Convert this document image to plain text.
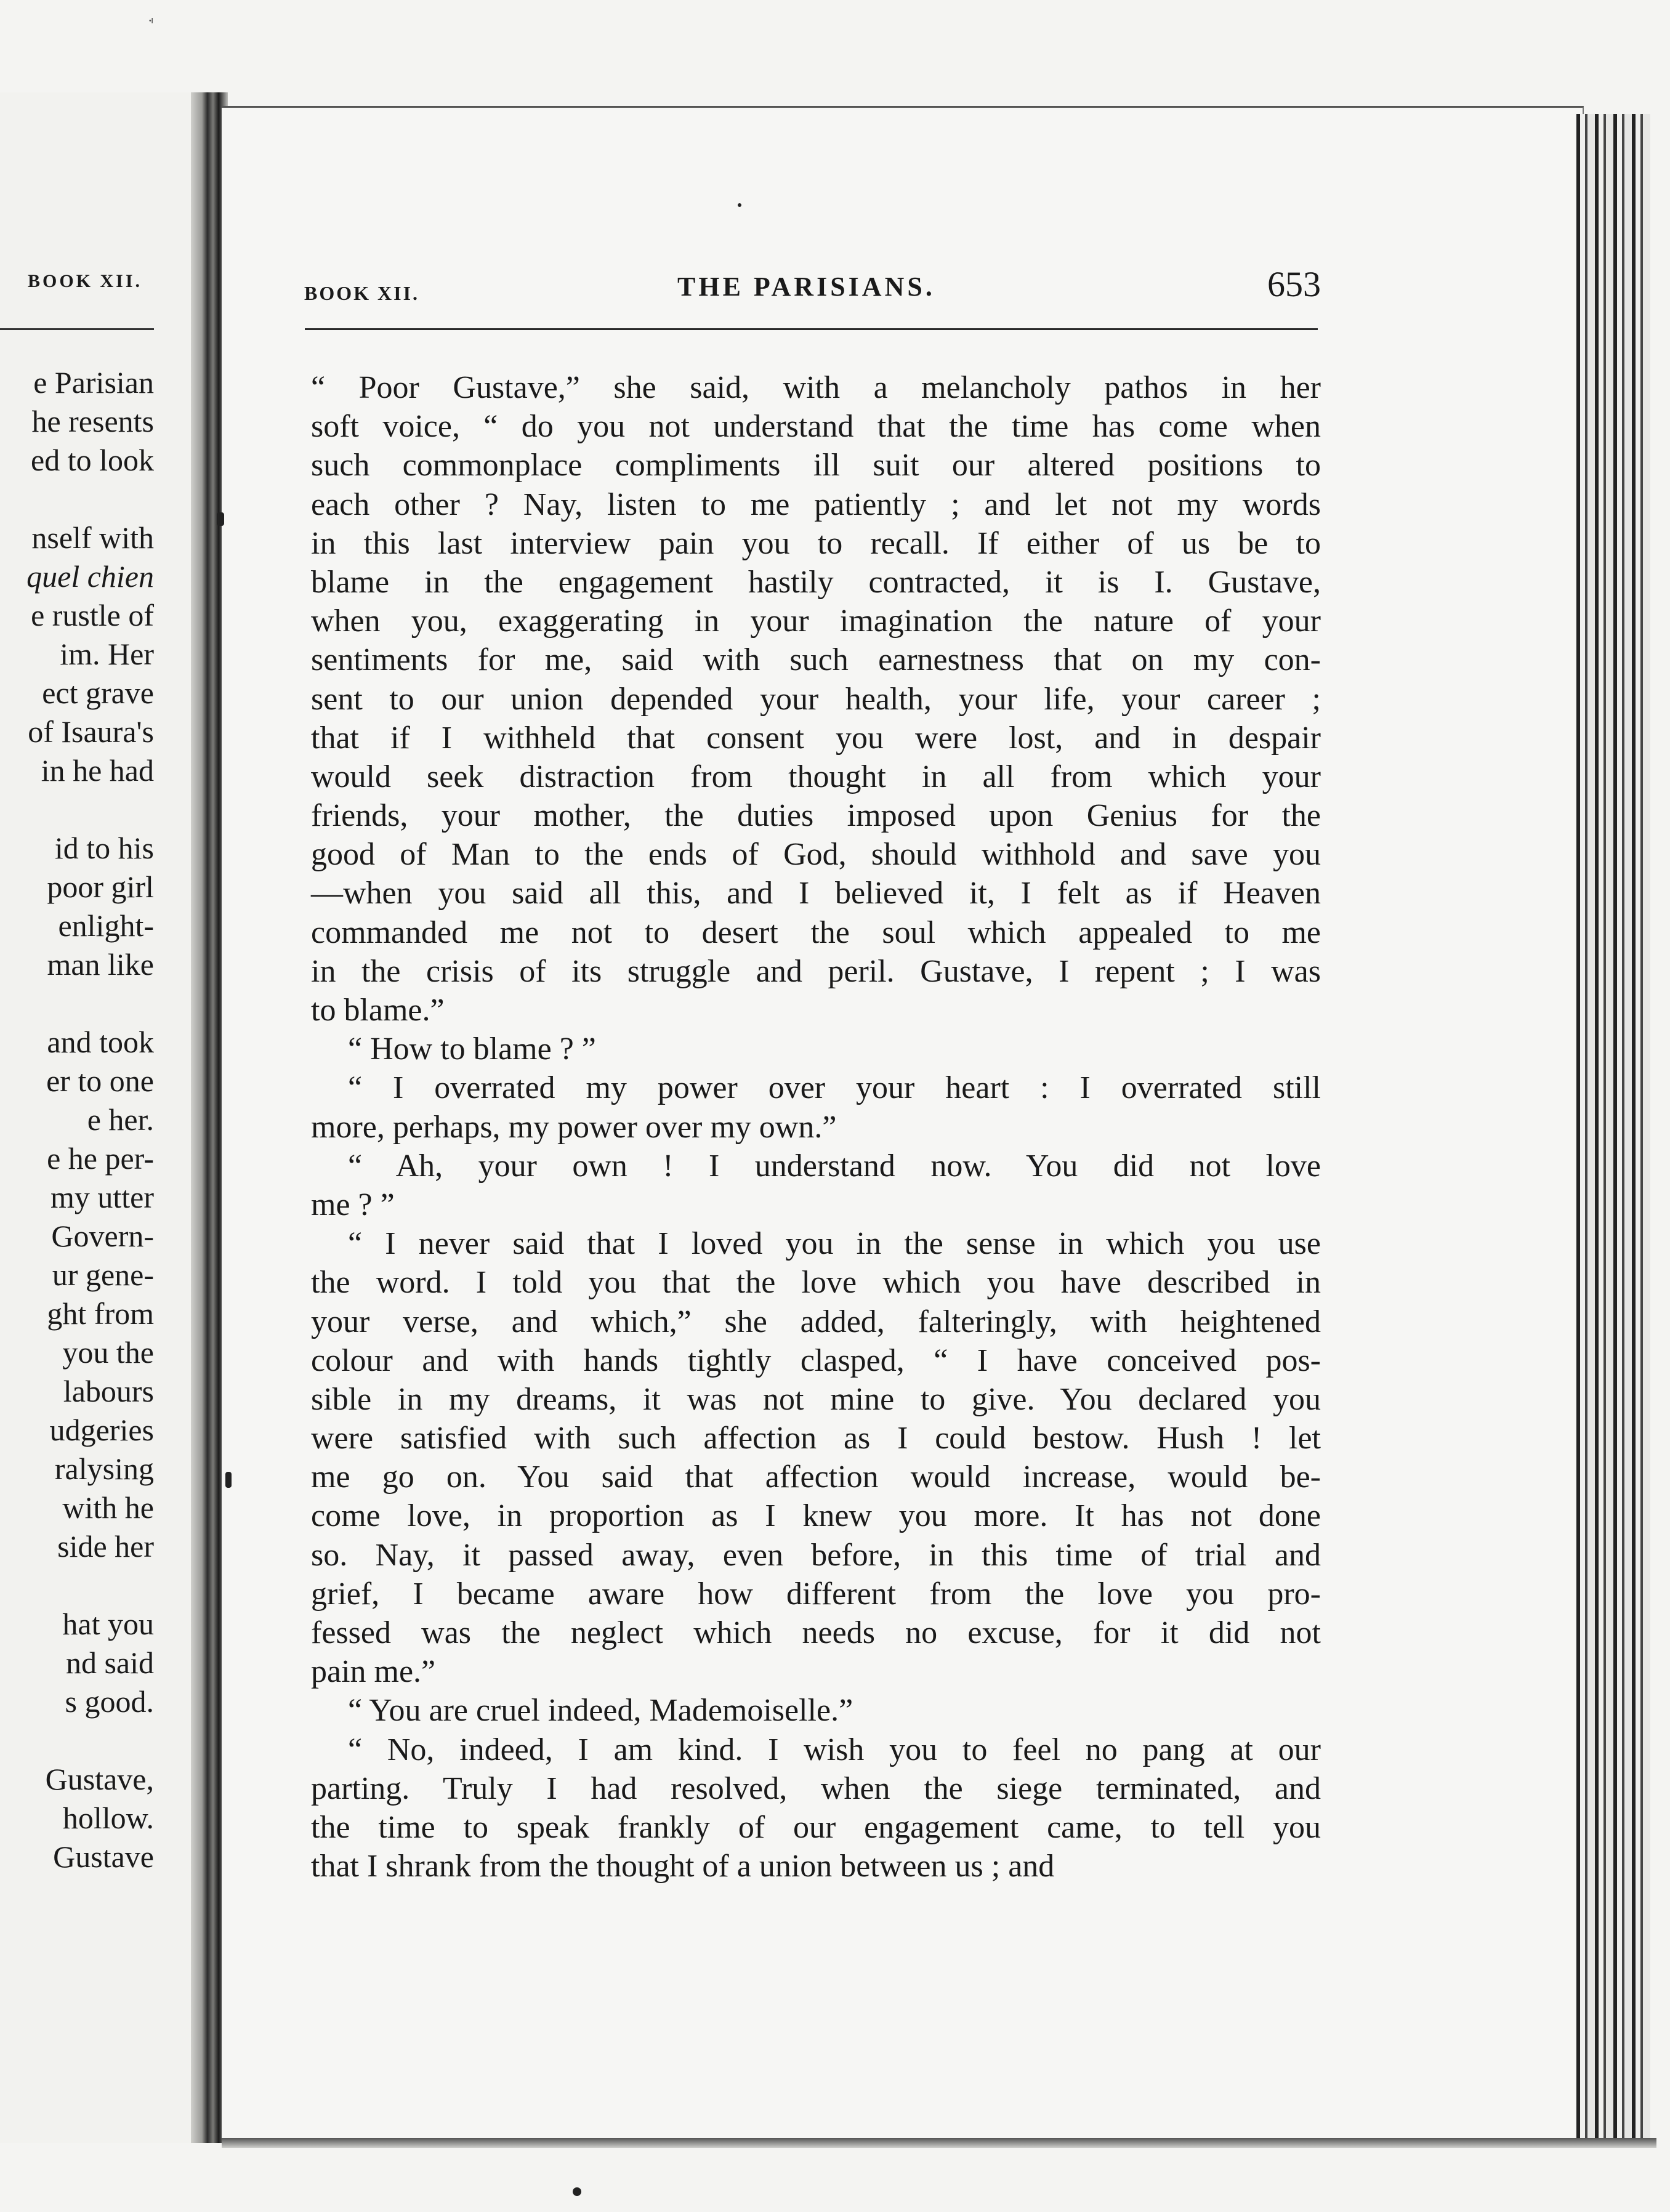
BOOK XII.
e Parisian
he resents
ed to look
nself with
quel chien
e rustle of
im. Her
ect grave
of Isaura's
in he had
id to his
poor girl
enlight-
man like
and took
er to one
e her.
e he per-
my utter
Govern-
ur gene-
ght from
you the
labours
udgeries
ralysing
with he
side her
hat you
nd said
s good.
Gustave,
hollow.
Gustave
BOOK XII.	THE PARISIANS.	653
“ Poor Gustave,” she said, with a melancholy pathos in her
soft voice, “ do you not understand that the time has come when
such commonplace compliments ill suit our altered positions to
each other ? Nay, listen to me patiently ; and let not my words
in this last interview pain you to recall. If either of us be to
blame in the engagement hastily contracted, it is I. Gustave,
when you, exaggerating in your imagination the nature of your
sentiments for me, said with such earnestness that on my con-
sent to our union depended your health, your life, your career ;
that if I withheld that consent you were lost, and in despair
would seek distraction from thought in all from which your
friends, your mother, the duties imposed upon Genius for the
good of Man to the ends of God, should withhold and save you
—when you said all this, and I believed it, I felt as if Heaven
commanded me not to desert the soul which appealed to me
in the crisis of its struggle and peril. Gustave, I repent ; I was
to blame.”
“ How to blame ? ”
“ I overrated my power over your heart : I overrated still
more, perhaps, my power over my own.”
“ Ah, your own ! I understand now. You did not love
me ? ”
“ I never said that I loved you in the sense in which you use
the word. I told you that the love which you have described in
your verse, and which,” she added, falteringly, with heightened
colour and with hands tightly clasped, “ I have conceived pos-
sible in my dreams, it was not mine to give. You declared you
were satisfied with such affection as I could bestow. Hush ! let
me go on. You said that affection would increase, would be-
come love, in proportion as I knew you more. It has not done
so. Nay, it passed away, even before, in this time of trial and
grief, I became aware how different from the love you pro-
fessed was the neglect which needs no excuse, for it did not
pain me.”
“ You are cruel indeed, Mademoiselle.”
“ No, indeed, I am kind. I wish you to feel no pang at our
parting. Truly I had resolved, when the siege terminated, and
the time to speak frankly of our engagement came, to tell you
that I shrank from the thought of a union between us ; and
